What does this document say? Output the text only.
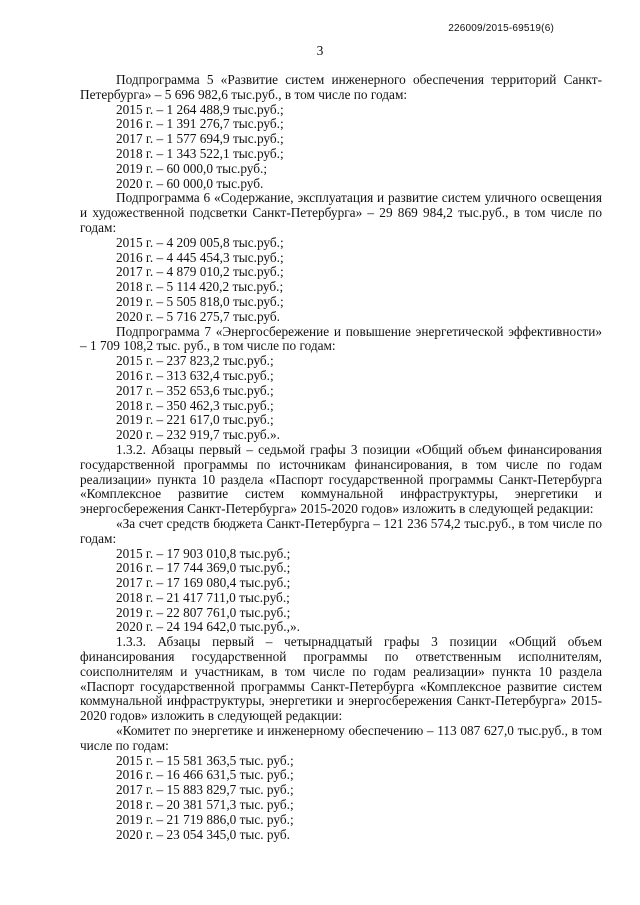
226009/2015-69519(6)
3

Подпрограмма 5 «Развитие систем инженерного обеспечения территорий Санкт-Петербурга» – 5 696 982,6 тыс.руб., в том числе по годам:

2015 г. – 1 264 488,9 тыс.руб.;

2016 г. – 1 391 276,7 тыс.руб.;

2017 г. – 1 577 694,9 тыс.руб.;

2018 г. – 1 343 522,1 тыс.руб.;

2019 г. – 60 000,0 тыс.руб.;

2020 г. – 60 000,0 тыс.руб.

Подпрограмма 6 «Содержание, эксплуатация и развитие систем уличного освещения и художественной подсветки Санкт-Петербурга» – 29 869 984,2 тыс.руб., в том числе по годам:

2015 г. – 4 209 005,8 тыс.руб.;

2016 г. – 4 445 454,3 тыс.руб.;

2017 г. – 4 879 010,2 тыс.руб.;

2018 г. – 5 114 420,2 тыс.руб.;

2019 г. – 5 505 818,0 тыс.руб.;

2020 г. – 5 716 275,7 тыс.руб.

Подпрограмма 7 «Энергосбережение и повышение энергетической эффективности» – 1 709 108,2 тыс. руб., в том числе по годам:

2015 г. – 237 823,2 тыс.руб.;

2016 г. – 313 632,4 тыс.руб.;

2017 г. – 352 653,6 тыс.руб.;

2018 г. – 350 462,3 тыс.руб.;

2019 г. – 221 617,0 тыс.руб.;

2020 г. – 232 919,7 тыс.руб.».

1.3.2. Абзацы первый – седьмой графы 3 позиции «Общий объем финансирования государственной программы по источникам финансирования, в том числе по годам реализации» пункта 10 раздела «Паспорт государственной программы Санкт-Петербурга «Комплексное развитие систем коммунальной инфраструктуры, энергетики и энергосбережения Санкт-Петербурга» 2015-2020 годов» изложить в следующей редакции:

«За счет средств бюджета Санкт-Петербурга – 121 236 574,2 тыс.руб., в том числе по годам:

2015 г. – 17 903 010,8 тыс.руб.;

2016 г. – 17 744 369,0 тыс.руб.;

2017 г. – 17 169 080,4 тыс.руб.;

2018 г. – 21 417 711,0 тыс.руб.;

2019 г. – 22 807 761,0 тыс.руб.;

2020 г. – 24 194 642,0 тыс.руб.,».

1.3.3. Абзацы первый – четырнадцатый графы 3 позиции «Общий объем финансирования государственной программы по ответственным исполнителям, соисполнителям и участникам, в том числе по годам реализации» пункта 10 раздела «Паспорт государственной программы Санкт-Петербурга «Комплексное развитие систем коммунальной инфраструктуры, энергетики и энергосбережения Санкт-Петербурга» 2015-2020 годов» изложить в следующей редакции:

«Комитет по энергетике и инженерному обеспечению – 113 087 627,0 тыс.руб., в том числе по годам:

2015 г. – 15 581 363,5 тыс. руб.;

2016 г. – 16 466 631,5 тыс. руб.;

2017 г. – 15 883 829,7 тыс. руб.;

2018 г. – 20 381 571,3 тыс. руб.;

2019 г. – 21 719 886,0 тыс. руб.;

2020 г. – 23 054 345,0 тыс. руб.
